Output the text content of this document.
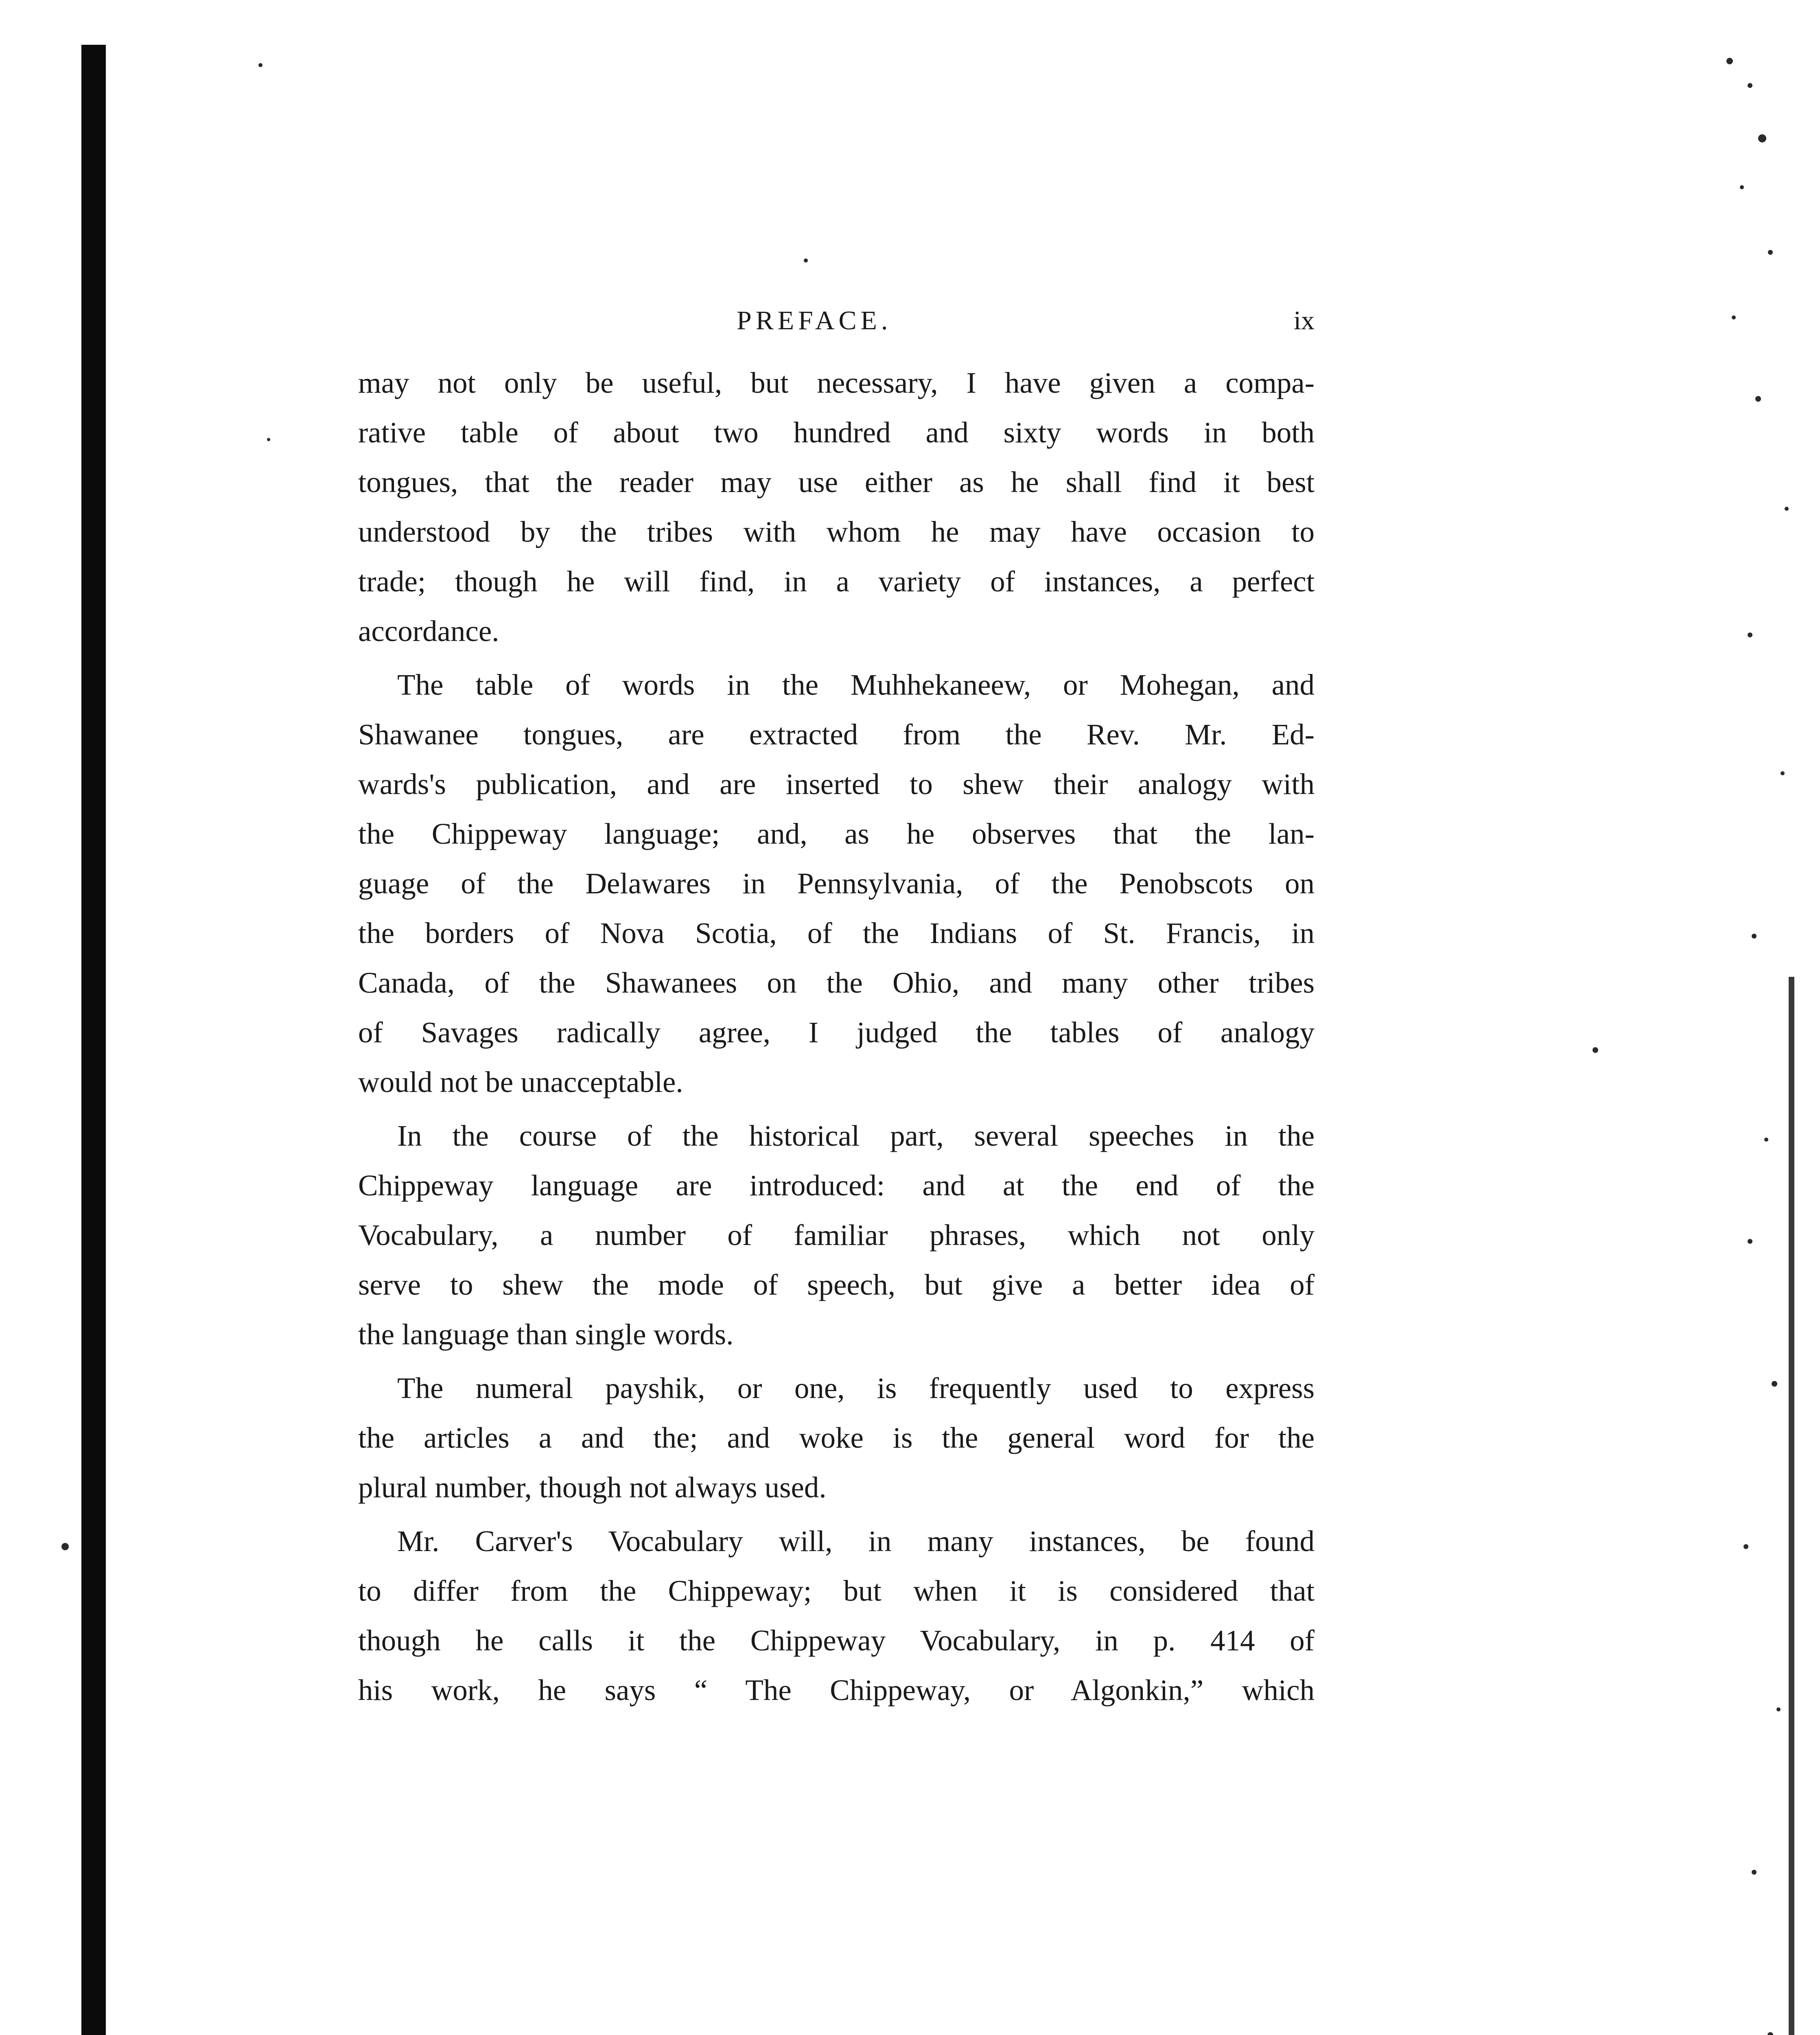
PREFACE.	ix
may not only be useful, but necessary, I have given a compa-
rative table of about two hundred and sixty words in both
tongues, that the reader may use either as he shall find it best
understood by the tribes with whom he may have occasion to
trade; though he will find, in a variety of instances, a perfect
accordance.
The table of words in the Muhhekaneew, or Mohegan, and
Shawanee tongues, are extracted from the Rev. Mr. Ed-
wards's publication, and are inserted to shew their analogy with
the Chippeway language; and, as he observes that the lan-
guage of the Delawares in Pennsylvania, of the Penobscots on
the borders of Nova Scotia, of the Indians of St. Francis, in
Canada, of the Shawanees on the Ohio, and many other tribes
of Savages radically agree, I judged the tables of analogy
would not be unacceptable.
In the course of the historical part, several speeches in the
Chippeway language are introduced: and at the end of the
Vocabulary, a number of familiar phrases, which not only
serve to shew the mode of speech, but give a better idea of
the language than single words.
The numeral payshik, or one, is frequently used to express
the articles a and the; and woke is the general word for the
plural number, though not always used.
Mr. Carver's Vocabulary will, in many instances, be found
to differ from the Chippeway; but when it is considered that
though he calls it the Chippeway Vocabulary, in p. 414 of
his work, he says “ The Chippeway, or Algonkin,” which
